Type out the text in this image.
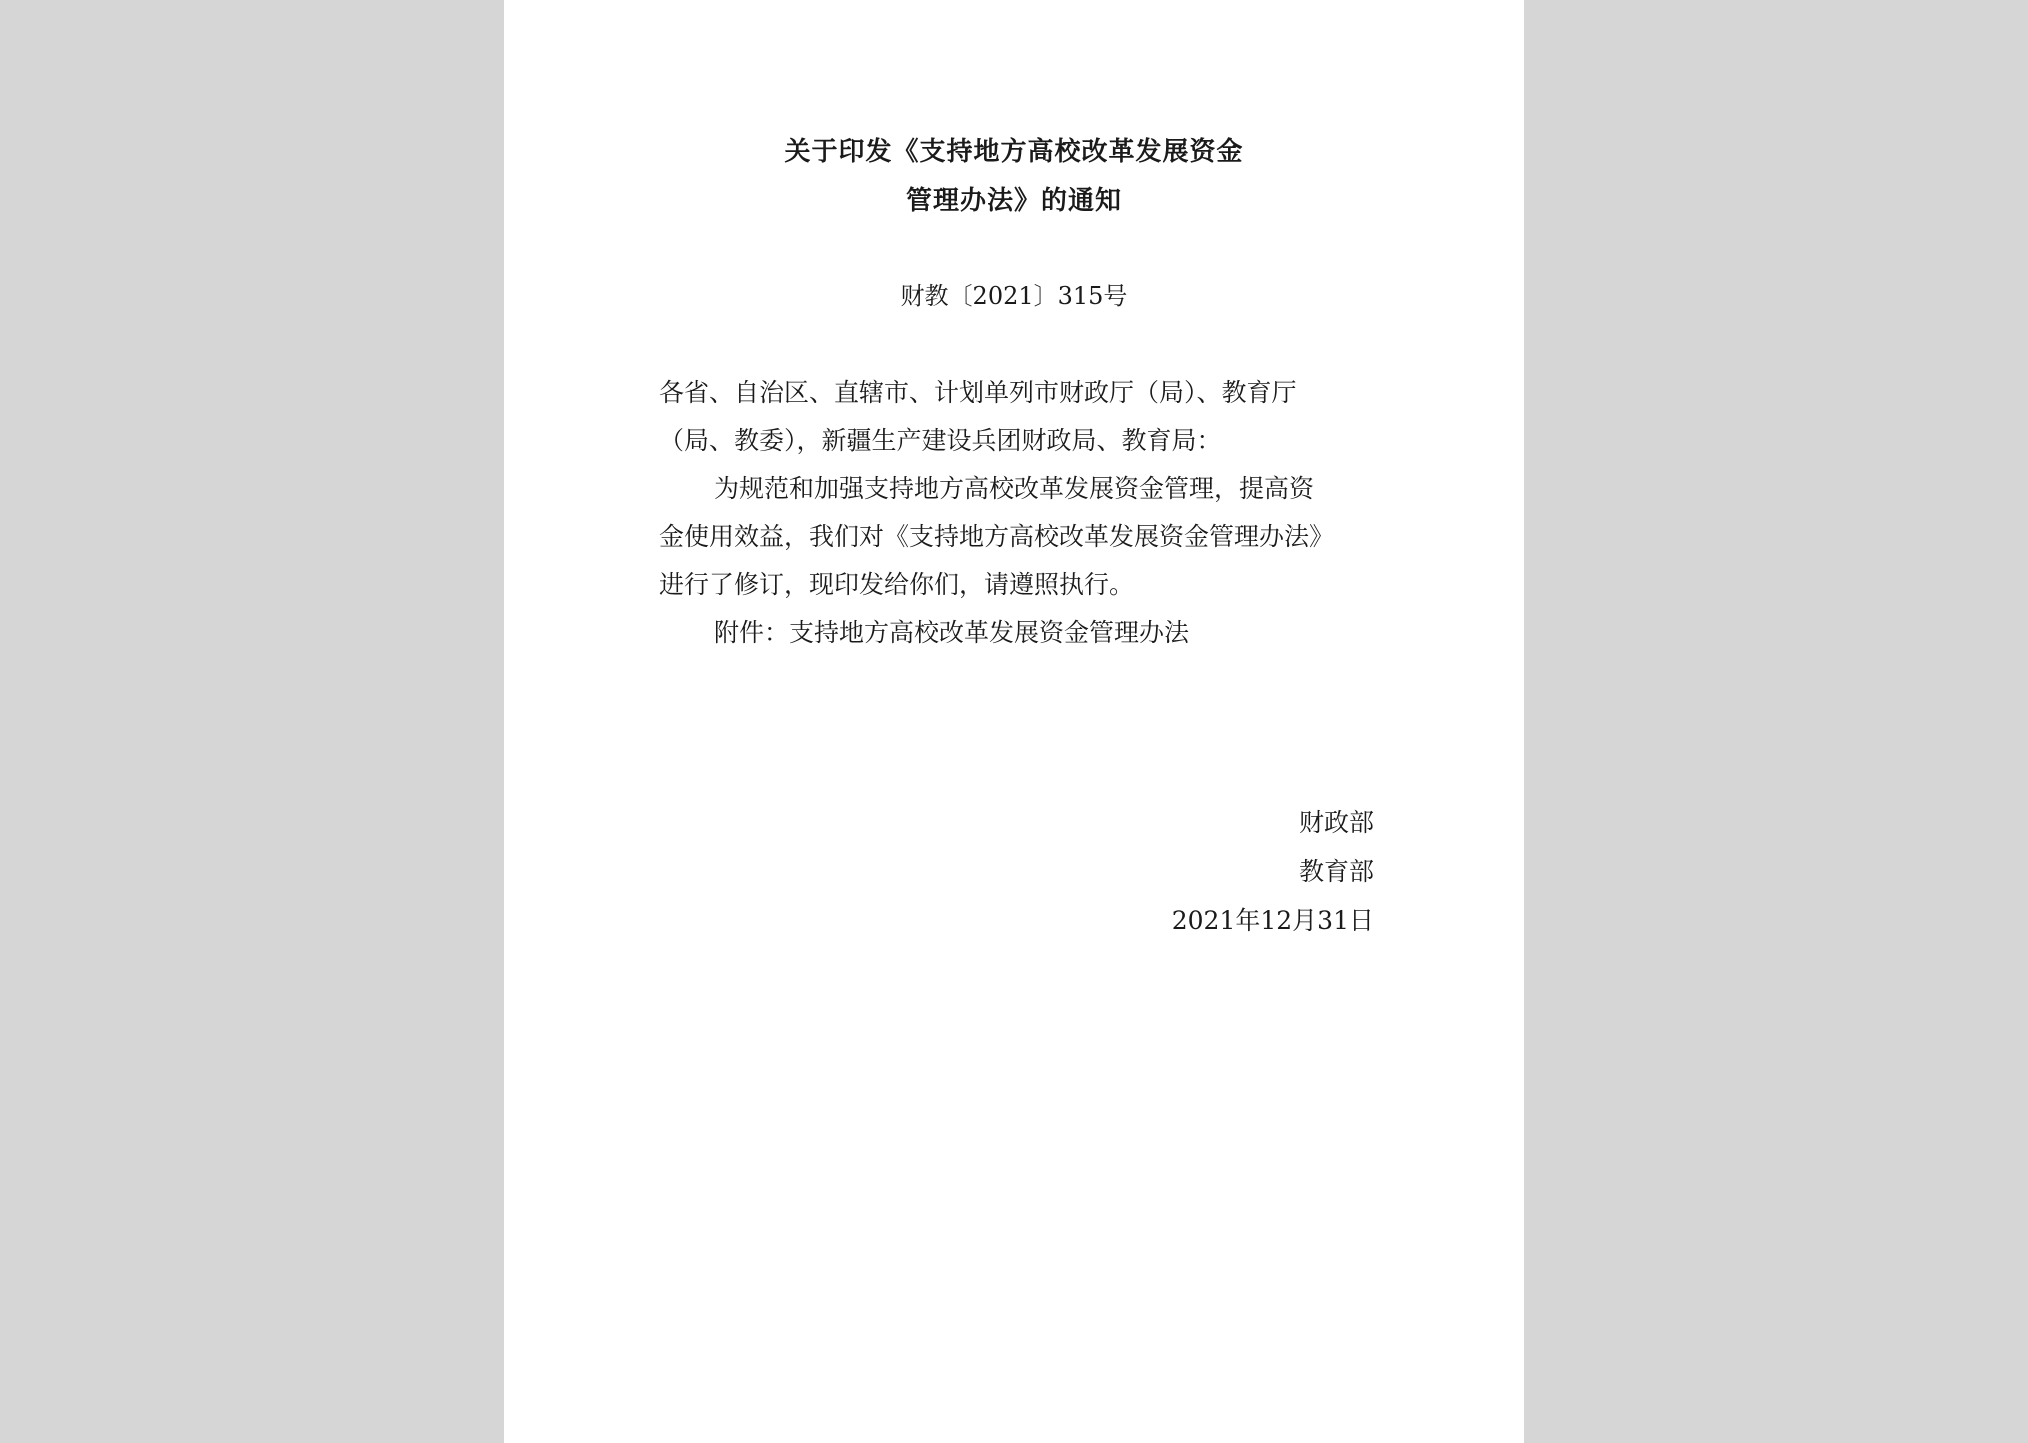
关于印发《支持地方高校改革发展资金
管理办法》的通知
财教〔2021〕315号
各省、自治区、直辖市、计划单列市财政厅（局）、教育厅
（局、教委），新疆生产建设兵团财政局、教育局：
为规范和加强支持地方高校改革发展资金管理，提高资
金使用效益，我们对《支持地方高校改革发展资金管理办法》
进行了修订，现印发给你们，请遵照执行。
附件：支持地方高校改革发展资金管理办法
财政部
教育部
2021年12月31日
